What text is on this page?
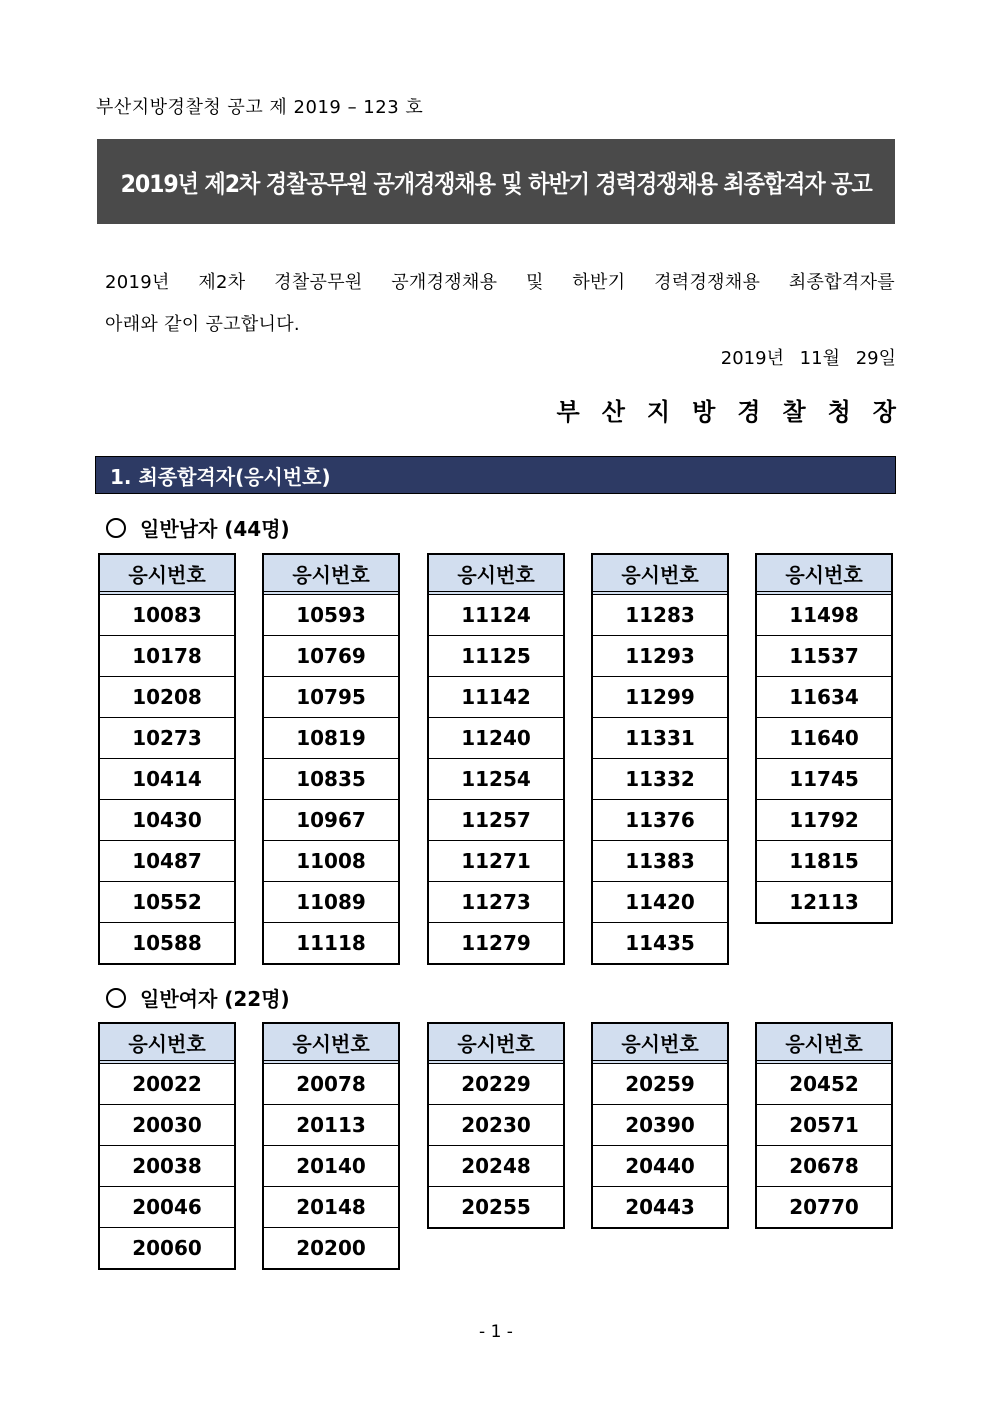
부산지방경찰청 공고 제 2019 – 123 호
2019년 제2차 경찰공무원 공개경쟁채용 및 하반기 경력경쟁채용 최종합격자 공고
2019년 제2차 경찰공무원 공개경쟁채용 및 하반기 경력경쟁채용 최종합격자를
아래와 같이 공고합니다.
2019년 11월 29일
부산지방경찰청장
1. 최종합격자(응시번호)
일반남자 (44명)
응시번호
10083
10178
10208
10273
10414
10430
10487
10552
10588
응시번호
10593
10769
10795
10819
10835
10967
11008
11089
11118
응시번호
11124
11125
11142
11240
11254
11257
11271
11273
11279
응시번호
11283
11293
11299
11331
11332
11376
11383
11420
11435
응시번호
11498
11537
11634
11640
11745
11792
11815
12113
일반여자 (22명)
응시번호
20022
20030
20038
20046
20060
응시번호
20078
20113
20140
20148
20200
응시번호
20229
20230
20248
20255
응시번호
20259
20390
20440
20443
응시번호
20452
20571
20678
20770
- 1 -
